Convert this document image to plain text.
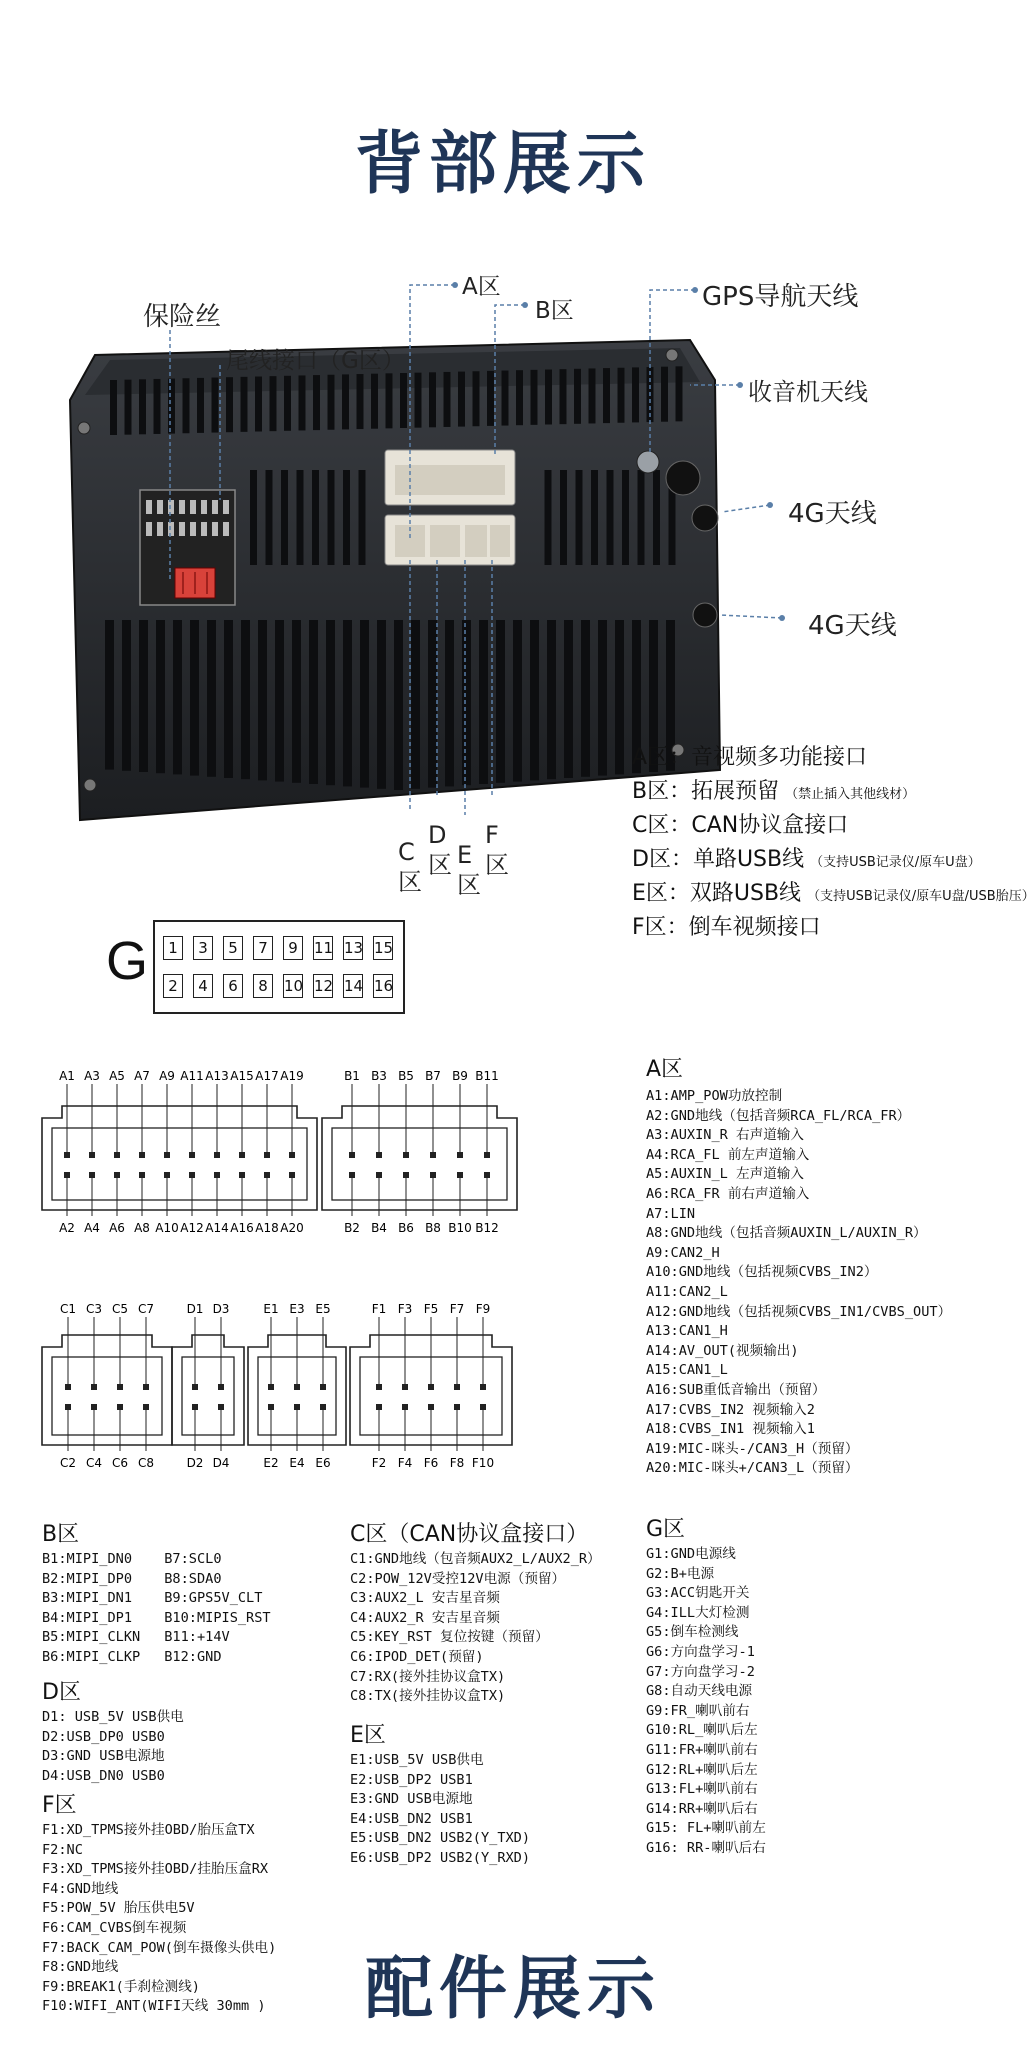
背部展示
配件展示
保险丝
尾线接口（G区）
A区
B区	GPS导航天线
收音机天线
4G天线
4G天线
C区
D区 E区
F区
A区：音视频多功能接口
B区：拓展预留 （禁止插入其他线材）
C区：CAN协议盒接口
D区：单路USB线 （支持USB记录仪/原车U盘）
E区：双路USB线 （支持USB记录仪/原车U盘/USB胎压）
F区：倒车视频接口
G	1	3	5	7	9	11 13 15
2	4	6	8	10 12 14 16
A1
A2
A3
A4
A5
A6
A7
A8
A9
A10
A11
A12
A13
A14
A15
A16
A17
A18
A19
A20
B1
B2
B3
B4
B5
B6
B7
B8
B9
B10
B11
B12
C1
C2
C3
C4
C5
C6
C7
C8
D1
D2
D3
D4
E1
E2
E3
E4
E5
E6
F1
F2
F3
F4
F5
F6
F7
F8
F9
F10
A区
A1:AMP_POW功放控制
A2:GND地线（包括音频RCA_FL/RCA_FR）
A3:AUXIN_R 右声道输入
A4:RCA_FL 前左声道输入
A5:AUXIN_L 左声道输入
A6:RCA_FR 前右声道输入
A7:LIN
A8:GND地线（包括音频AUXIN_L/AUXIN_R）
A9:CAN2_H
A10:GND地线（包括视频CVBS_IN2）
A11:CAN2_L
A12:GND地线（包括视频CVBS_IN1/CVBS_OUT）
A13:CAN1_H
A14:AV_OUT(视频输出)
A15:CAN1_L
A16:SUB重低音输出（预留）
A17:CVBS_IN2 视频输入2
A18:CVBS_IN1 视频输入1
A19:MIC-咪头-/CAN3_H（预留）
A20:MIC-咪头+/CAN3_L（预留）
B区
B1:MIPI_DN0
B2:MIPI_DP0
B3:MIPI_DN1
B4:MIPI_DP1
B5:MIPI_CLKN
B6:MIPI_CLKP
B7:SCL0
B8:SDA0
B9:GPS5V_CLT
B10:MIPIS_RST
B11:+14V
B12:GND
C区（CAN协议盒接口）
C1:GND地线（包音频AUX2_L/AUX2_R）
C2:POW_12V受控12V电源（预留）
C3:AUX2_L 安吉星音频
C4:AUX2_R 安吉星音频
C5:KEY_RST 复位按键（预留）
C6:IPOD_DET(预留)
C7:RX(接外挂协议盒TX)
C8:TX(接外挂协议盒TX)
G区
G1:GND电源线
G2:B+电源
G3:ACC钥匙开关
G4:ILL大灯检测
G5:倒车检测线
G6:方向盘学习-1
G7:方向盘学习-2
G8:自动天线电源
G9:FR_喇叭前右
G10:RL_喇叭后左
G11:FR+喇叭前右
G12:RL+喇叭后左
G13:FL+喇叭前右
G14:RR+喇叭后右
G15: FL+喇叭前左
G16: RR-喇叭后右
D区
D1: USB_5V USB供电
D2:USB_DP0 USB0
D3:GND USB电源地
D4:USB_DN0 USB0
E区
E1:USB_5V USB供电
E2:USB_DP2 USB1
E3:GND USB电源地
E4:USB_DN2 USB1
E5:USB_DN2 USB2(Y_TXD)
E6:USB_DP2 USB2(Y_RXD)
F区
F1:XD_TPMS接外挂OBD/胎压盒TX
F2:NC
F3:XD_TPMS接外挂OBD/挂胎压盒RX
F4:GND地线
F5:POW_5V 胎压供电5V
F6:CAM_CVBS倒车视频
F7:BACK_CAM_POW(倒车摄像头供电)
F8:GND地线
F9:BREAK1(手刹检测线)
F10:WIFI_ANT(WIFI天线 30mm )
